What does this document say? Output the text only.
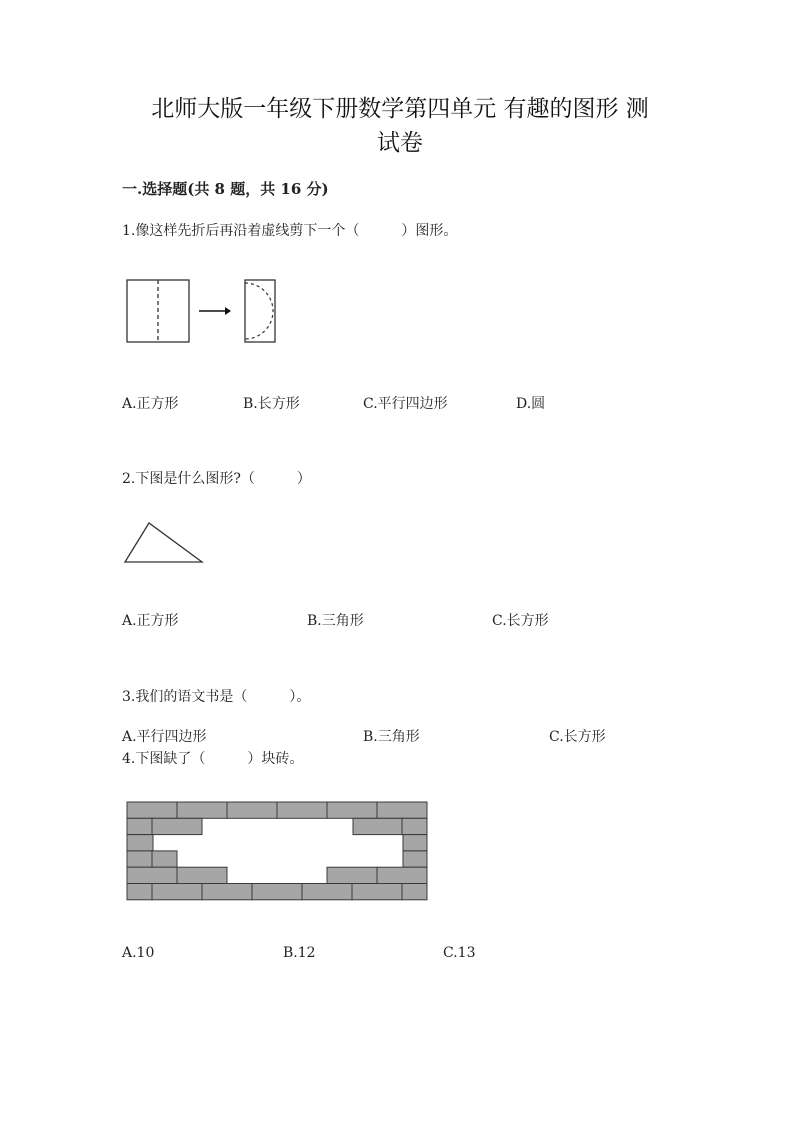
北师大版一年级下册数学第四单元 有趣的图形 测
试卷
一.选择题(共 8 题，共 16 分)
1.像这样先折后再沿着虚线剪下一个（　　　）图形。
A.正方形	B.长方形	C.平行四边形	D.圆
2.下图是什么图形?（　　　）
A.正方形	B.三角形	C.长方形
3.我们的语文书是（　　　）。
A.平行四边形	B.三角形	C.长方形
4.下图缺了（　　　）块砖。
A.10	B.12	C.13
